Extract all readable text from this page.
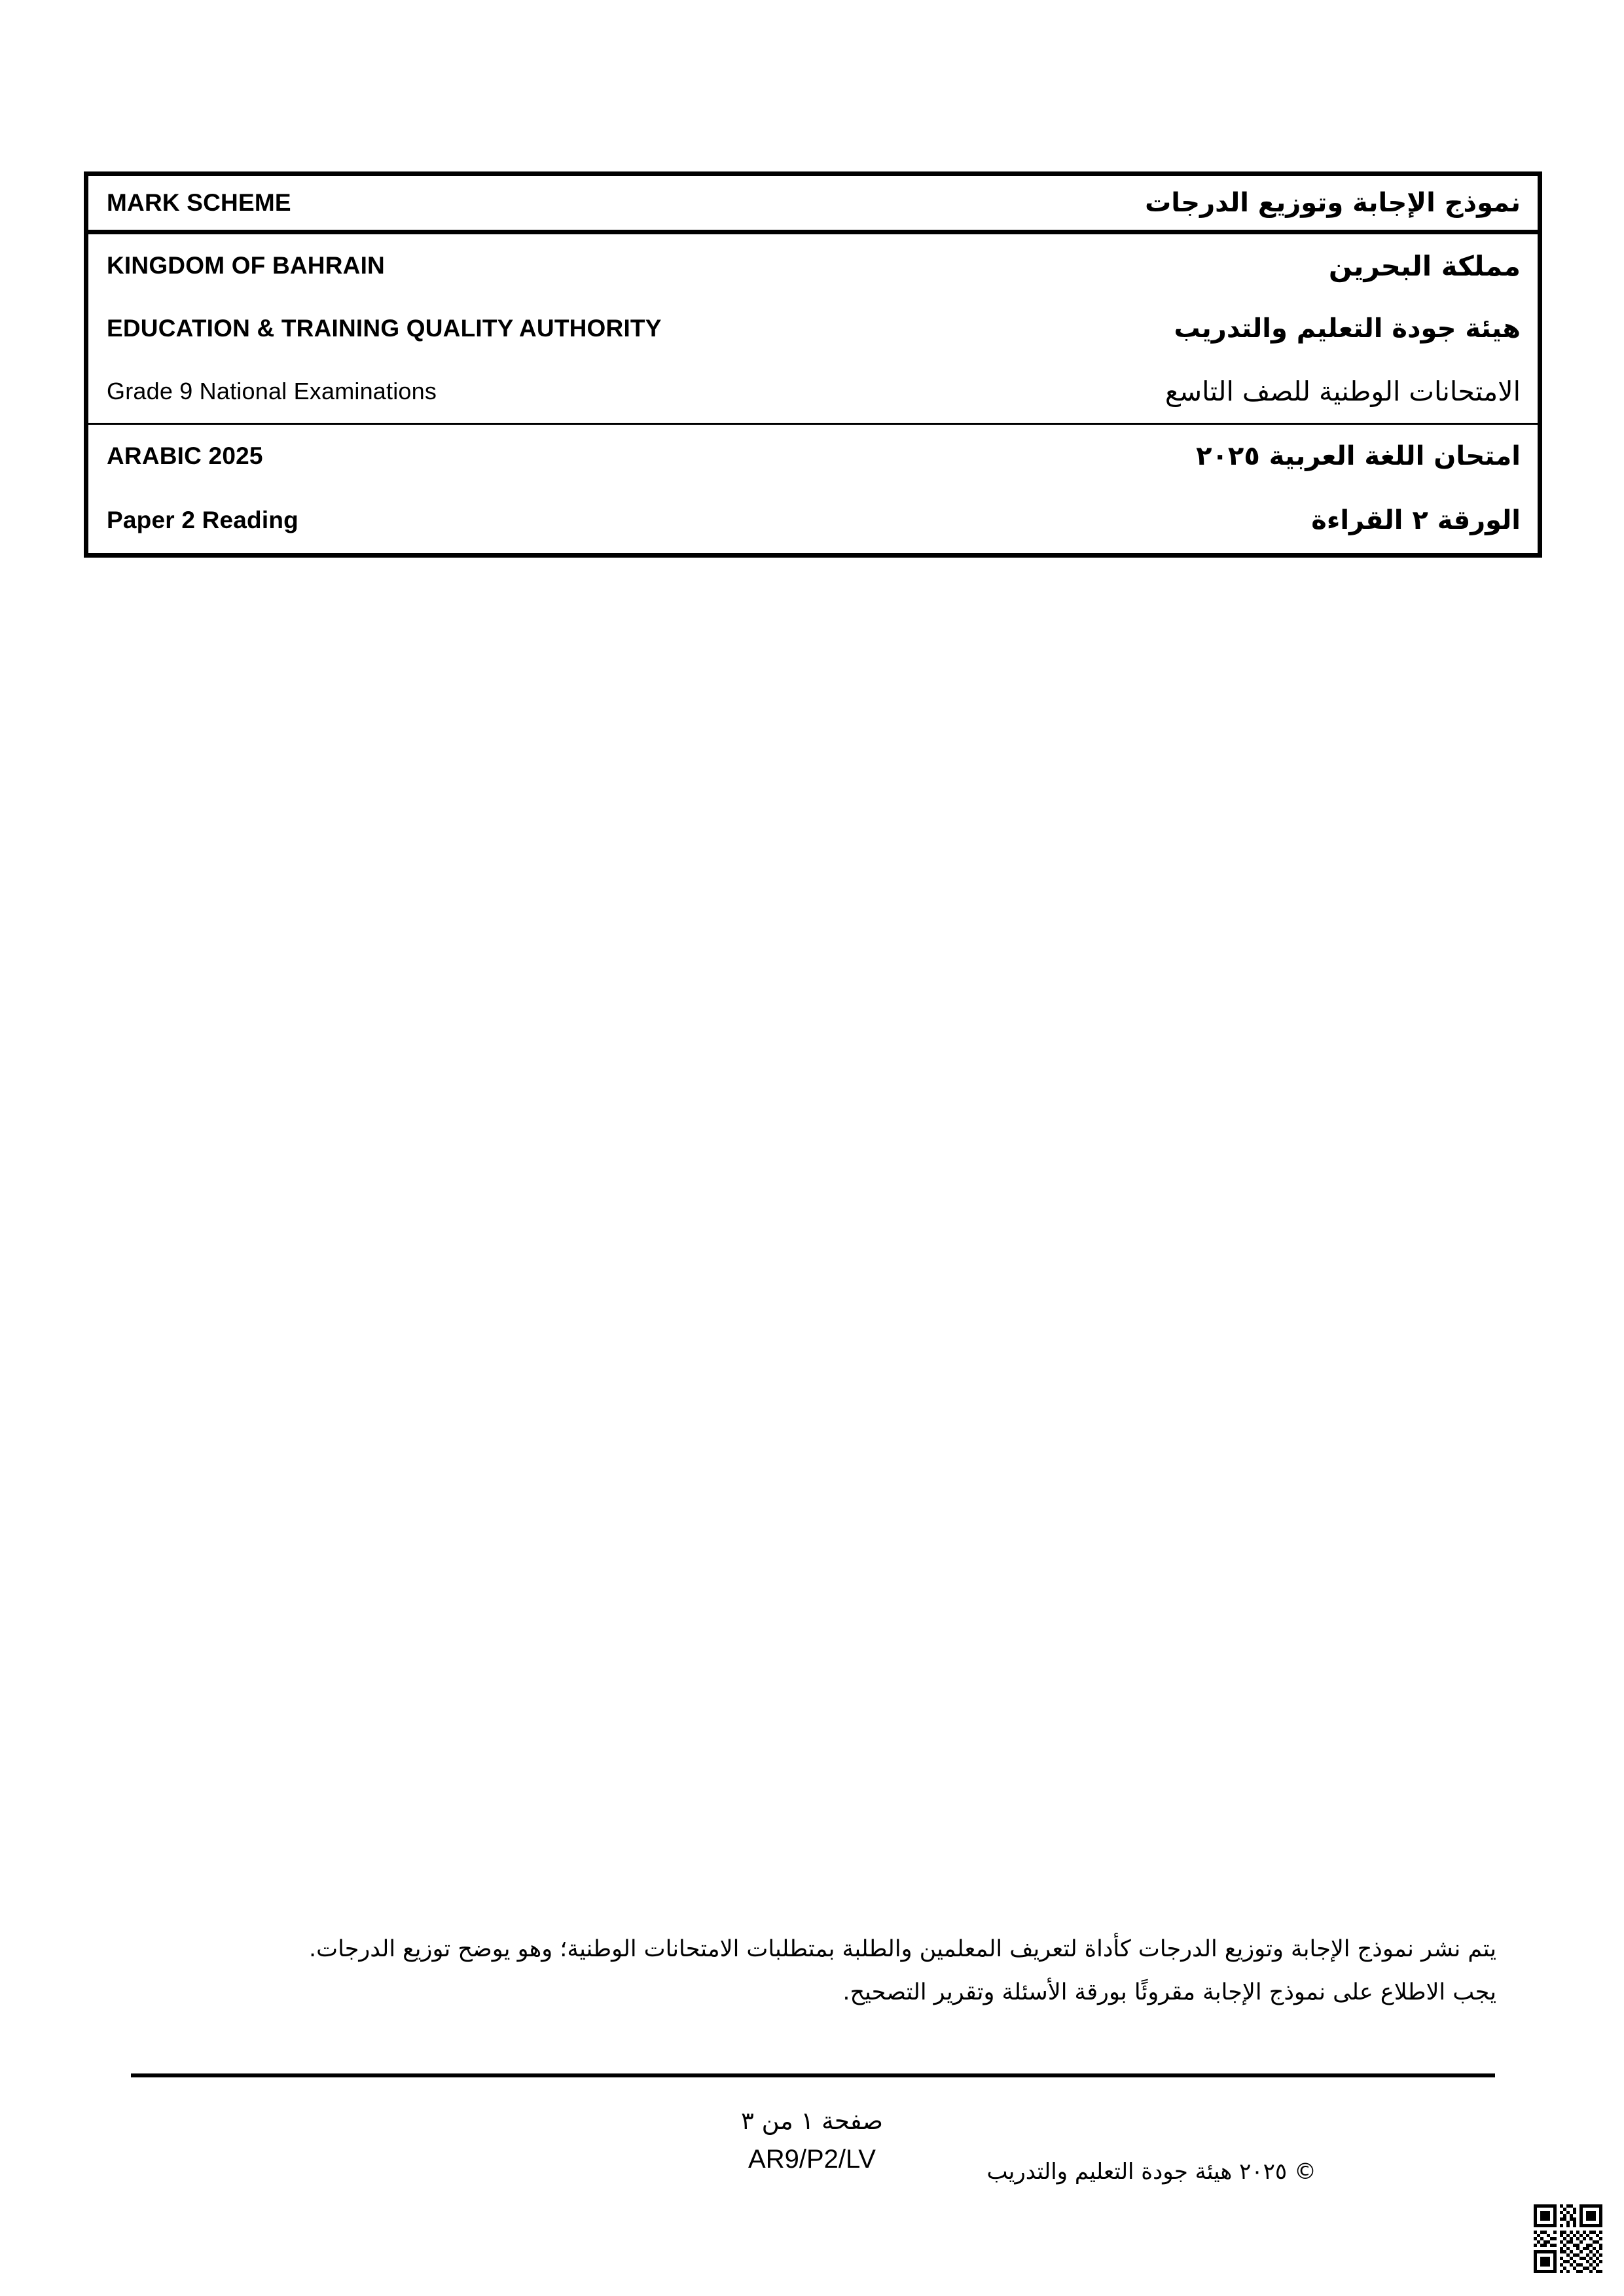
MARK SCHEME	نموذج الإجابة وتوزيع الدرجات
KINGDOM OF BAHRAIN	مملكة البحرين
EDUCATION & TRAINING QUALITY AUTHORITY	هيئة جودة التعليم والتدريب
Grade 9 National Examinations	الامتحانات الوطنية للصف التاسع
ARABIC 2025	امتحان اللغة العربية ٢٠٢٥
Paper 2 Reading	الورقة ٢ القراءة
يتم نشر نموذج الإجابة وتوزيع الدرجات كأداة لتعريف المعلمين والطلبة بمتطلبات الامتحانات الوطنية؛ وهو يوضح توزيع الدرجات.
يجب الاطلاع على نموذج الإجابة مقروئًا بورقة الأسئلة وتقرير التصحيح.
صفحة ١ من ٣
AR9/P2/LV	© ٢٠٢٥ هيئة جودة التعليم والتدريب
